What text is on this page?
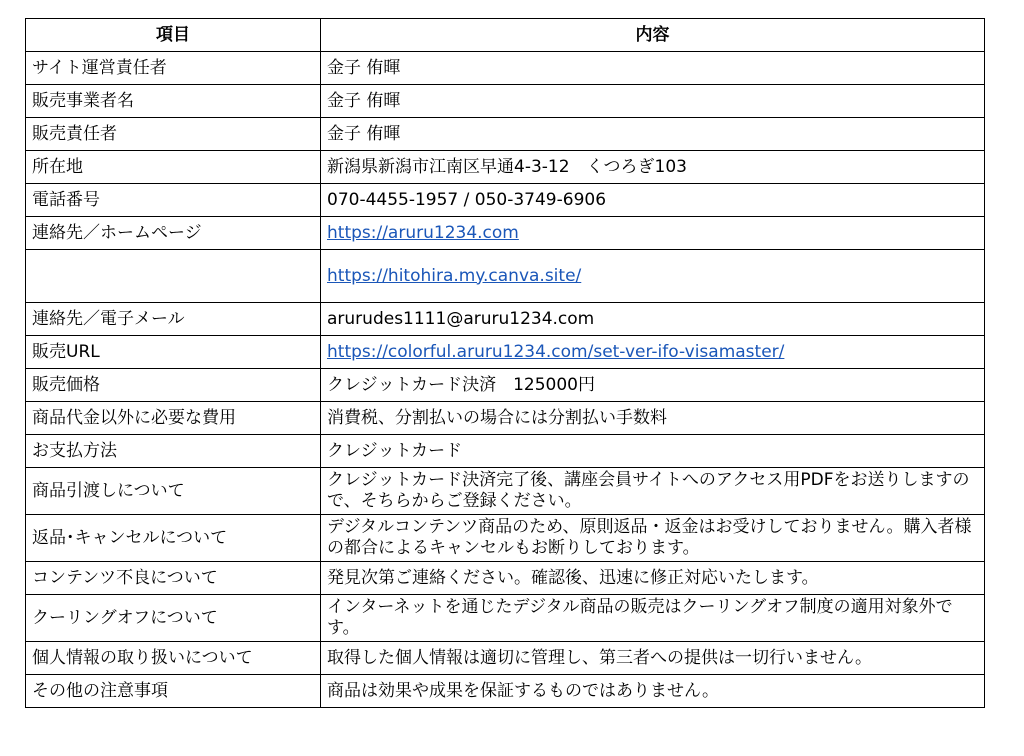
項目	内容
サイト運営責任者	金子 侑暉
販売事業者名	金子 侑暉
販売責任者	金子 侑暉
所在地	新潟県新潟市江南区早通4-3-12　くつろぎ103
電話番号	070-4455-1957 / 050-3749-6906
連絡先／ホームページ	https://aruru1234.com
	https://hitohira.my.canva.site/
連絡先／電子メール	arurudes1111@aruru1234.com
販売URL	https://colorful.aruru1234.com/set-ver-ifo-visamaster/
販売価格	クレジットカード決済　125000円
商品代金以外に必要な費用	消費税、分割払いの場合には分割払い手数料
お支払方法	クレジットカード
商品引渡しについて	クレジットカード決済完了後、講座会員サイトへのアクセス用PDFをお送りしますので、そちらからご登録ください。
返品･キャンセルについて	デジタルコンテンツ商品のため、原則返品・返金はお受けしておりません。購入者様の都合によるキャンセルもお断りしております。
コンテンツ不良について	発見次第ご連絡ください。確認後、迅速に修正対応いたします。
クーリングオフについて	インターネットを通じたデジタル商品の販売はクーリングオフ制度の適用対象外です。
個人情報の取り扱いについて	取得した個人情報は適切に管理し、第三者への提供は一切行いません。
その他の注意事項	商品は効果や成果を保証するものではありません。
